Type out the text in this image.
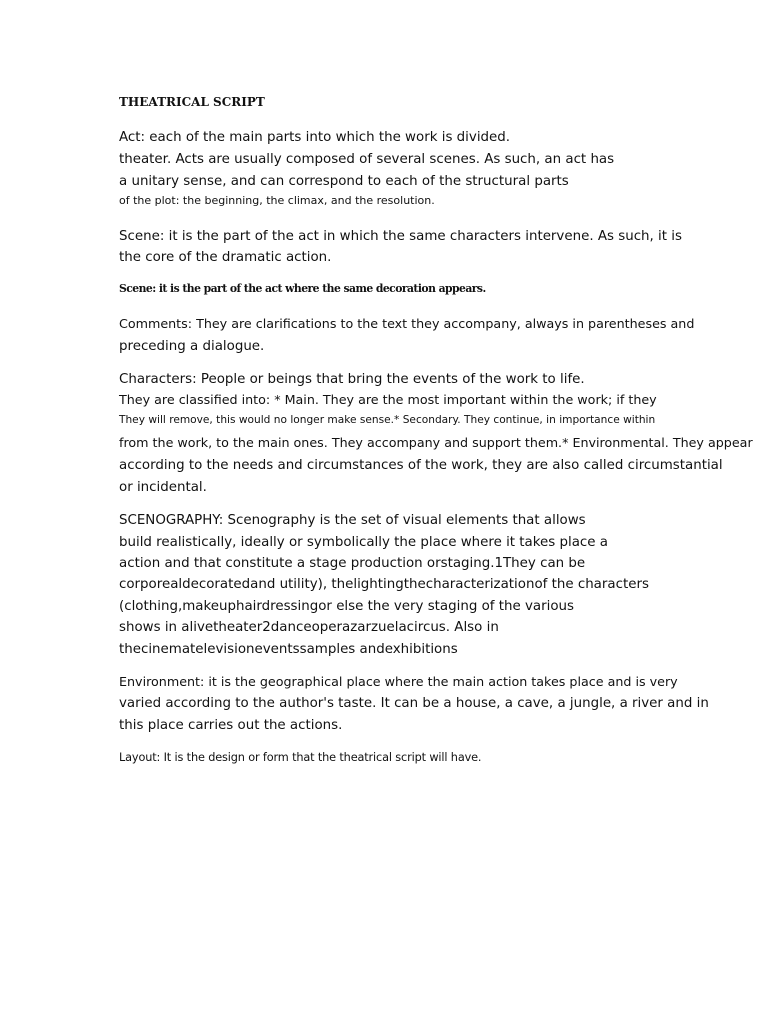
THEATRICAL SCRIPT
Act: each of the main parts into which the work is divided.
theater. Acts are usually composed of several scenes. As such, an act has
a unitary sense, and can correspond to each of the structural parts
of the plot: the beginning, the climax, and the resolution.
Scene: it is the part of the act in which the same characters intervene. As such, it is
the core of the dramatic action.
Scene: it is the part of the act where the same decoration appears.
Comments: They are clarifications to the text they accompany, always in parentheses and
preceding a dialogue.
Characters: People or beings that bring the events of the work to life.
They are classified into: * Main. They are the most important within the work; if they
They will remove, this would no longer make sense.* Secondary. They continue, in importance within
from the work, to the main ones. They accompany and support them.* Environmental. They appear
according to the needs and circumstances of the work, they are also called circumstantial
or incidental.
SCENOGRAPHY: Scenography is the set of visual elements that allows
build realistically, ideally or symbolically the place where it takes place a
action and that constitute a stage production orstaging.1They can be
corporealdecoratedand utility), thelightingthecharacterizationof the characters
(clothing,makeuphairdressingor else the very staging of the various
shows in alivetheater2danceoperazarzuelacircus. Also in
thecinematelevisioneventssamples andexhibitions
Environment: it is the geographical place where the main action takes place and is very
varied according to the author's taste. It can be a house, a cave, a jungle, a river and in
this place carries out the actions.
Layout: It is the design or form that the theatrical script will have.
